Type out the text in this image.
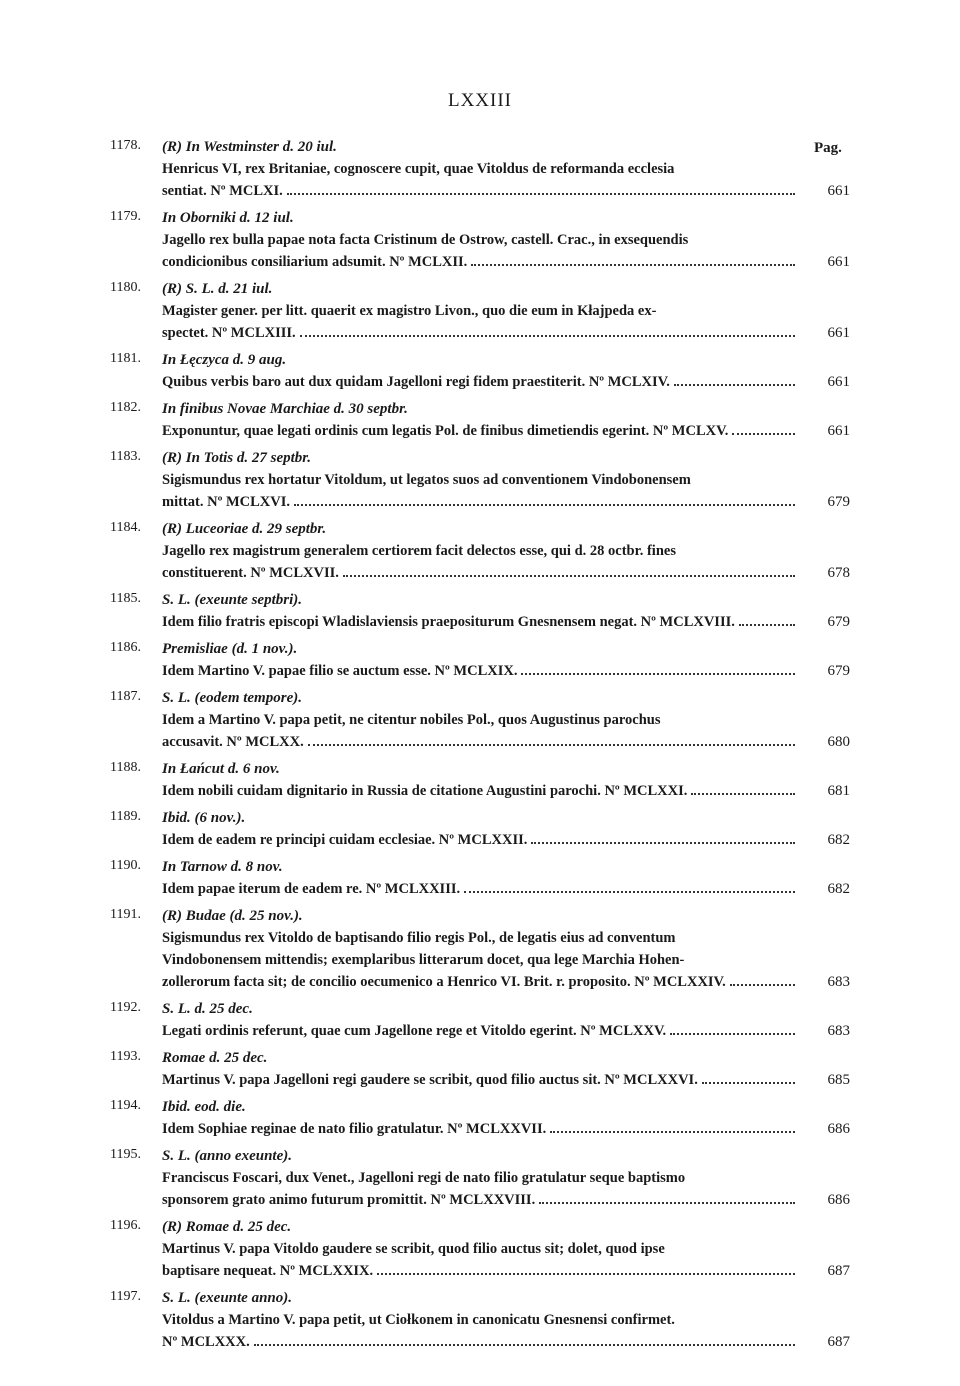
LXXIII
Pag.
1178.	(R) In Westminster d. 20 iul.
Henricus VI, rex Britaniae, cognoscere cupit, quae Vitoldus de reformanda ecclesia
sentiat. Nº MCLXI.	661
1179.	In Oborniki d. 12 iul.
Jagello rex bulla papae nota facta Cristinum de Ostrow, castell. Crac., in exsequendis
condicionibus consiliarium adsumit. Nº MCLXII.	661
1180.	(R) S. L. d. 21 iul.
Magister gener. per litt. quaerit ex magistro Livon., quo die eum in Kłajpeda ex-
spectet. Nº MCLXIII.	661
1181.	In Łęczyca d. 9 aug.
Quibus verbis baro aut dux quidam Jagelloni regi fidem praestiterit. Nº MCLXIV.	661
1182.	In finibus Novae Marchiae d. 30 septbr.
Exponuntur, quae legati ordinis cum legatis Pol. de finibus dimetiendis egerint. Nº MCLXV.	661
1183.	(R) In Totis d. 27 septbr.
Sigismundus rex hortatur Vitoldum, ut legatos suos ad conventionem Vindobonensem
mittat. Nº MCLXVI.	679
1184.	(R) Luceoriae d. 29 septbr.
Jagello rex magistrum generalem certiorem facit delectos esse, qui d. 28 octbr. fines
constituerent. Nº MCLXVII.	678
1185.	S. L. (exeunte septbri).
Idem filio fratris episcopi Wladislaviensis praepositurum Gnesnensem negat. Nº MCLXVIII.	679
1186.	Premisliae (d. 1 nov.).
Idem Martino V. papae filio se auctum esse. Nº MCLXIX.	679
1187.	S. L. (eodem tempore).
Idem a Martino V. papa petit, ne citentur nobiles Pol., quos Augustinus parochus
accusavit. Nº MCLXX.	680
1188.	In Łańcut d. 6 nov.
Idem nobili cuidam dignitario in Russia de citatione Augustini parochi. Nº MCLXXI.	681
1189.	Ibid. (6 nov.).
Idem de eadem re principi cuidam ecclesiae. Nº MCLXXII.	682
1190.	In Tarnow d. 8 nov.
Idem papae iterum de eadem re. Nº MCLXXIII.	682
1191.	(R) Budae (d. 25 nov.).
Sigismundus rex Vitoldo de baptisando filio regis Pol., de legatis eius ad conventum
Vindobonensem mittendis; exemplaribus litterarum docet, qua lege Marchia Hohen-
zollerorum facta sit; de concilio oecumenico a Henrico VI. Brit. r. proposito. Nº MCLXXIV.	683
1192.	S. L. d. 25 dec.
Legati ordinis referunt, quae cum Jagellone rege et Vitoldo egerint. Nº MCLXXV.	683
1193.	Romae d. 25 dec.
Martinus V. papa Jagelloni regi gaudere se scribit, quod filio auctus sit. Nº MCLXXVI.	685
1194.	Ibid. eod. die.
Idem Sophiae reginae de nato filio gratulatur. Nº MCLXXVII.	686
1195.	S. L. (anno exeunte).
Franciscus Foscari, dux Venet., Jagelloni regi de nato filio gratulatur seque baptismo
sponsorem grato animo futurum promittit. Nº MCLXXVIII.	686
1196.	(R) Romae d. 25 dec.
Martinus V. papa Vitoldo gaudere se scribit, quod filio auctus sit; dolet, quod ipse
baptisare nequeat. Nº MCLXXIX.	687
1197.	S. L. (exeunte anno).
Vitoldus a Martino V. papa petit, ut Ciołkonem in canonicatu Gnesnensi confirmet.
Nº MCLXXX.	687
